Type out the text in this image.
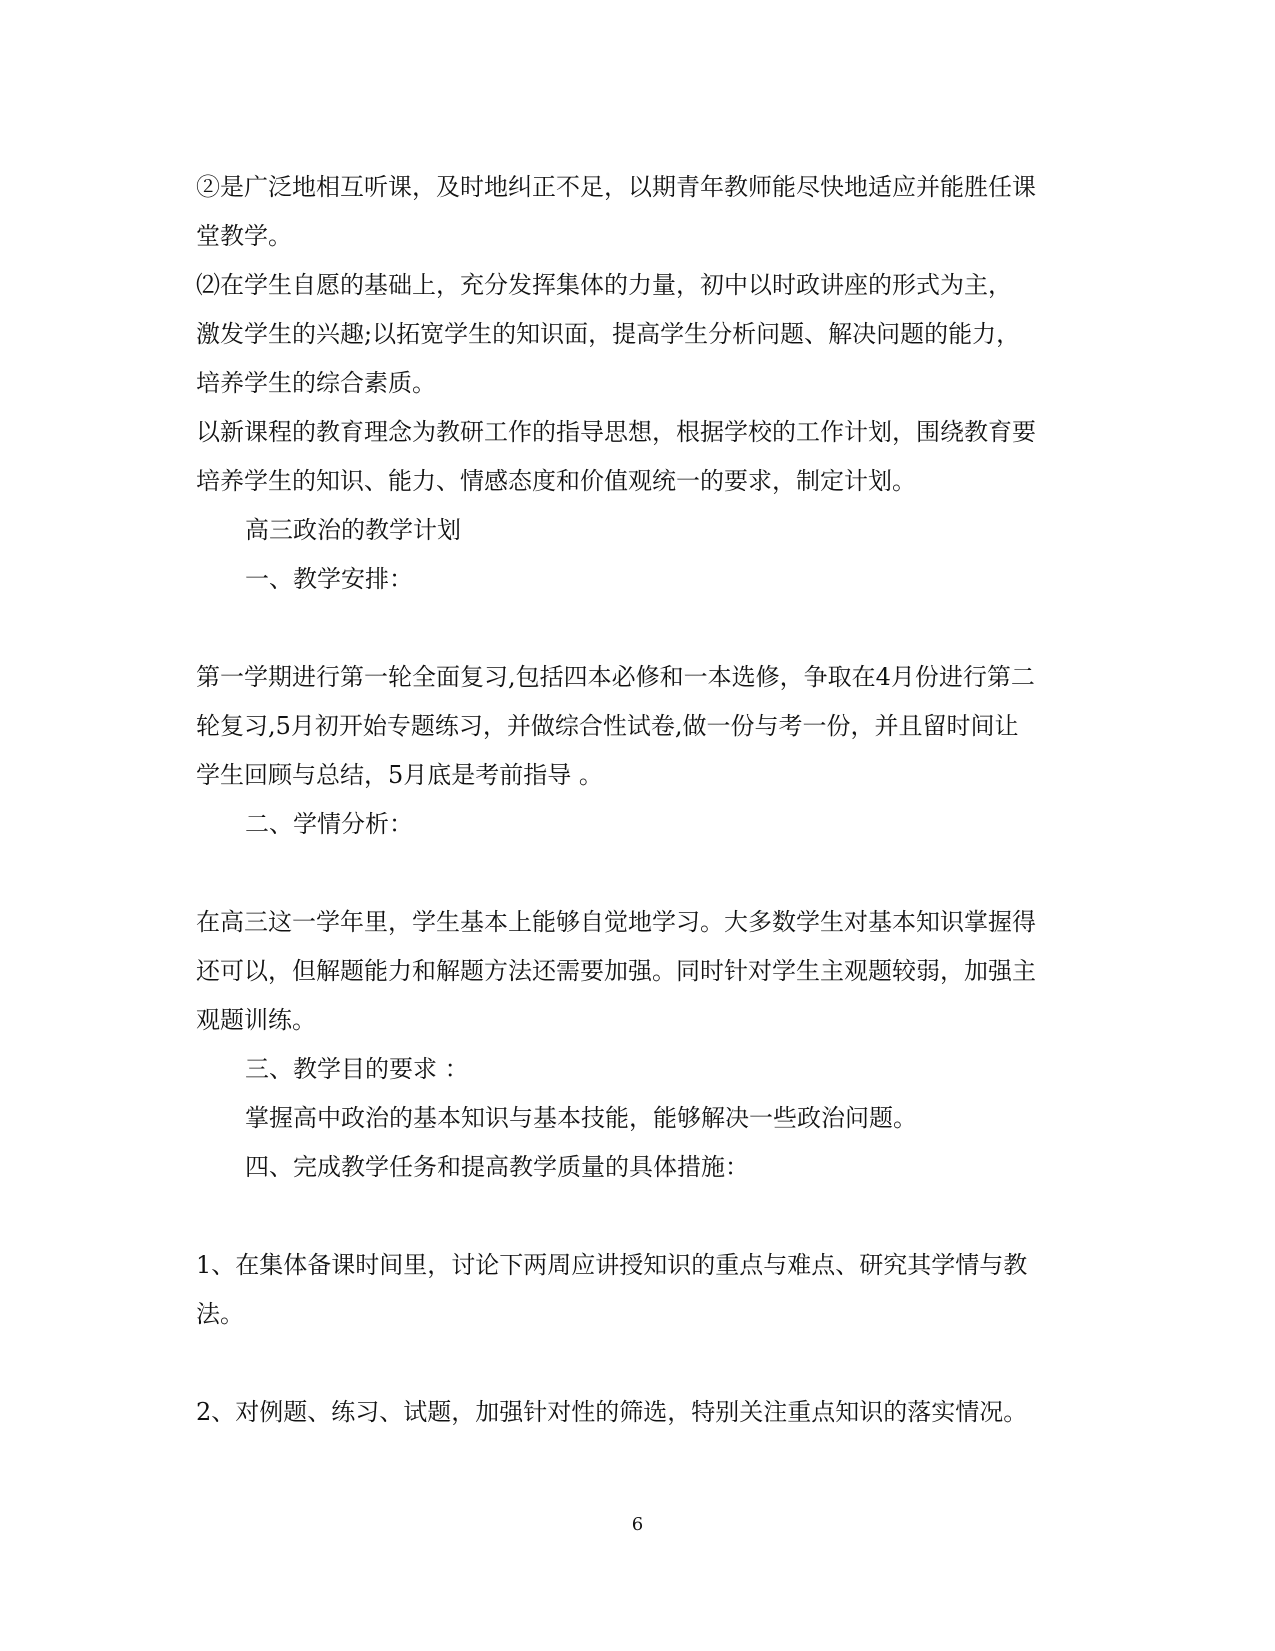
②是广泛地相互听课，及时地纠正不足，以期青年教师能尽快地适应并能胜任课

堂教学。

⑵在学生自愿的基础上，充分发挥集体的力量，初中以时政讲座的形式为主，

激发学生的兴趣;以拓宽学生的知识面，提高学生分析问题、解决问题的能力，

培养学生的综合素质。

以新课程的教育理念为教研工作的指导思想，根据学校的工作计划，围绕教育要

培养学生的知识、能力、情感态度和价值观统一的要求，制定计划。

高三政治的教学计划

一、教学安排：

第一学期进行第一轮全面复习,包括四本必修和一本选修，争取在4月份进行第二

轮复习,5月初开始专题练习，并做综合性试卷,做一份与考一份，并且留时间让

学生回顾与总结，5月底是考前指导 。

二、学情分析：

在高三这一学年里，学生基本上能够自觉地学习。大多数学生对基本知识掌握得

还可以，但解题能力和解题方法还需要加强。同时针对学生主观题较弱，加强主

观题训练。

三、教学目的要求 ：

掌握高中政治的基本知识与基本技能，能够解决一些政治问题。

四、完成教学任务和提高教学质量的具体措施：

1、在集体备课时间里，讨论下两周应讲授知识的重点与难点、研究其学情与教

法。

2、对例题、练习、试题，加强针对性的筛选，特别关注重点知识的落实情况。

6
